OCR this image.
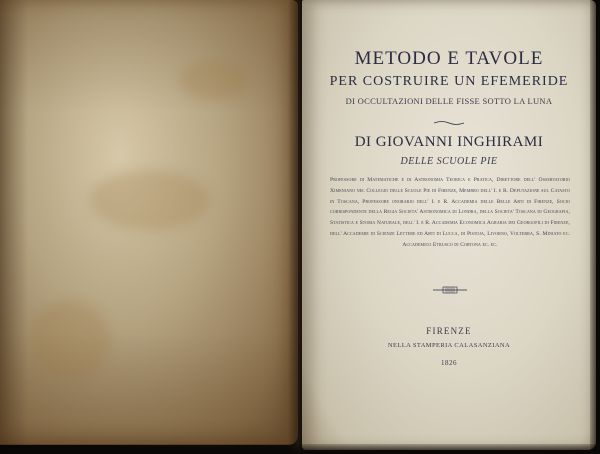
METODO E TAVOLE
PER COSTRUIRE UN EFEMERIDE
DI OCCULTAZIONI DELLE FISSE SOTTO LA LUNA
DI GIOVANNI INGHIRAMI
DELLE SCUOLE PIE
Professore di Matematiche e di Astronomia Teorica e Pratica, Direttore dell' Osservatorio Ximeniano nel Collegio delle Scuole Pie di Firenze, Membro dell' I. e R. Deputazione sul Catasto in Toscana, Professore onorario dell' I. e R. Accademia delle Belle Arti di Firenze, Socio corrispondente della Regia Societa' Astronomica di Londra, della Societa' Toscana di Geografia, Statistica e Storia Naturale, dell' I. e R. Accademia Economica Agraria dei Georgofili di Firenze, dell' Accademie di Scienze Lettere ed Arti di Lucca, di Pistoja, Livorno, Volterra, S. Miniato ec. Accademico Etrusco di Cortona ec. ec.
FIRENZE
NELLA STAMPERIA CALASANZIANA
1826
